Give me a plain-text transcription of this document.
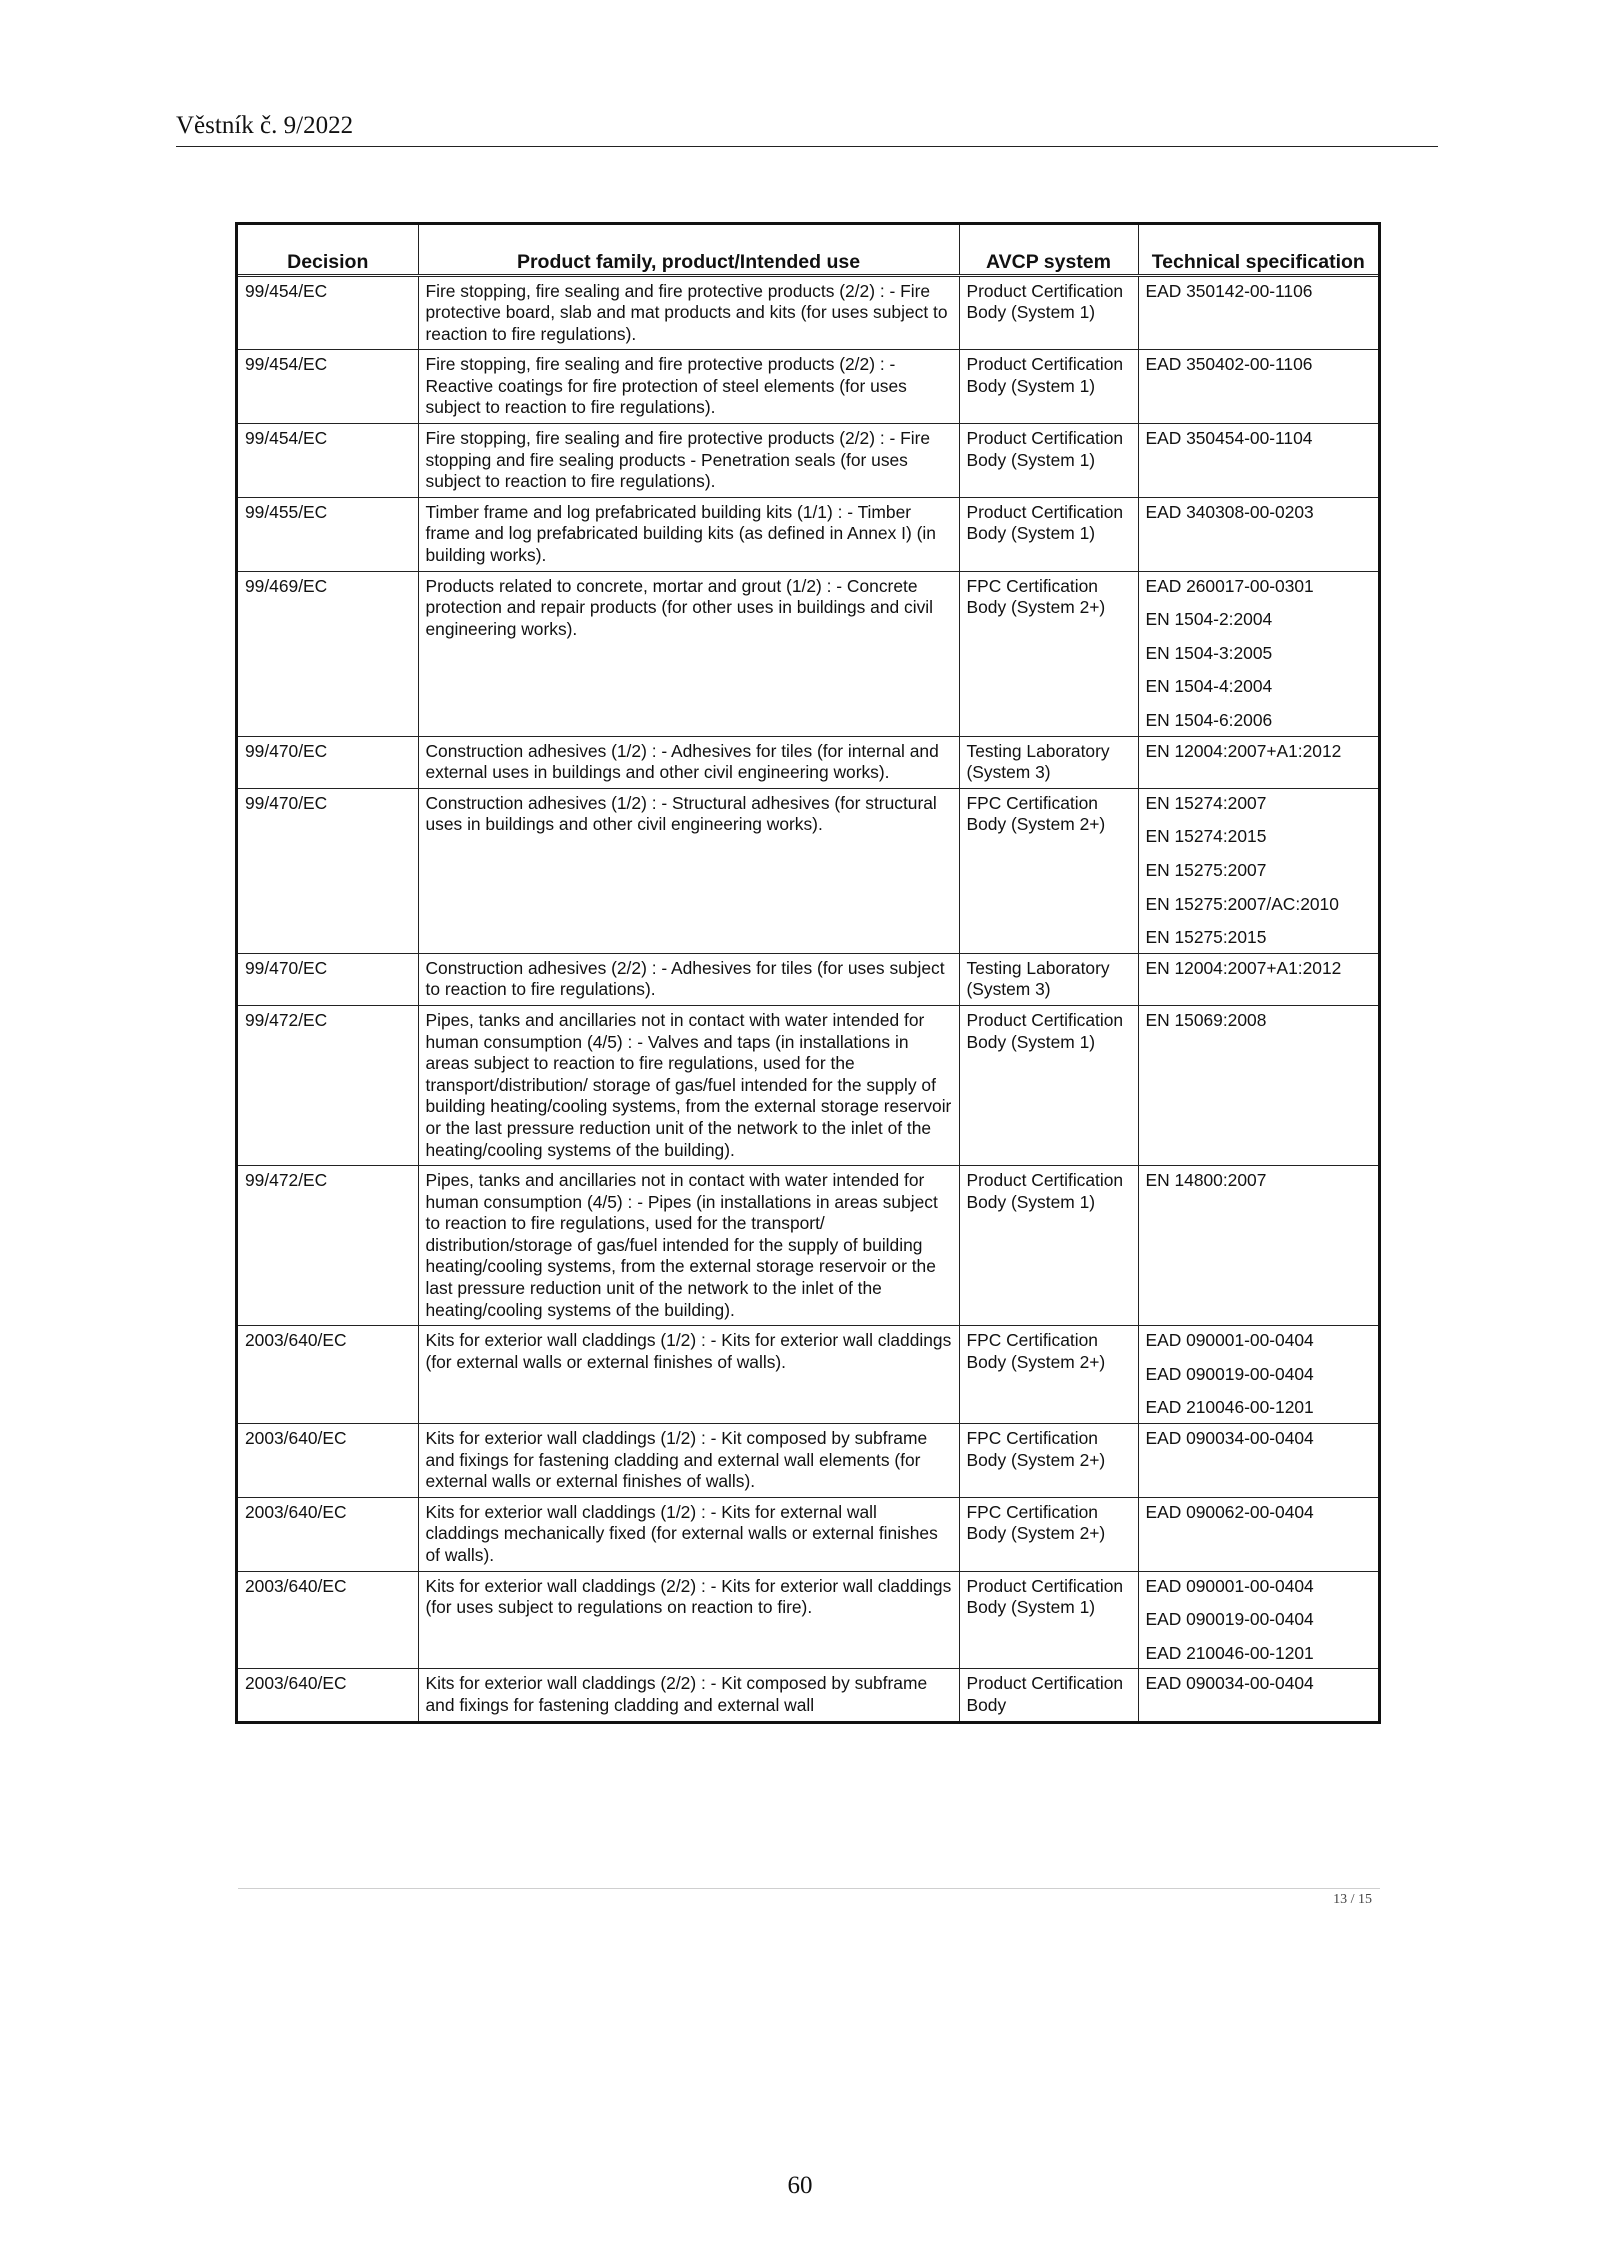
Věstník č. 9/2022
Decision	Product family, product/Intended use	AVCP system	Technical specification
99/454/EC	Fire stopping, fire sealing and fire protective products (2/2) : - Fire protective board, slab and mat products and kits (for uses subject to reaction to fire regulations).	Product Certification Body (System 1)	EAD 350142-00-1106

99/454/EC	Fire stopping, fire sealing and fire protective products (2/2) : - Reactive coatings for fire protection of steel elements (for uses subject to reaction to fire regulations).	Product Certification Body (System 1)	EAD 350402-00-1106

99/454/EC	Fire stopping, fire sealing and fire protective products (2/2) : - Fire stopping and fire sealing products - Penetration seals (for uses subject to reaction to fire regulations).	Product Certification Body (System 1)	EAD 350454-00-1104

99/455/EC	Timber frame and log prefabricated building kits (1/1) : - Timber frame and log prefabricated building kits (as defined in Annex I) (in building works).	Product Certification Body (System 1)	EAD 340308-00-0203

99/469/EC	Products related to concrete, mortar and grout (1/2) : - Concrete protection and repair products (for other uses in buildings and civil engineering works).	FPC Certification Body (System 2+)	EAD 260017-00-0301
EN 1504-2:2004
EN 1504-3:2005
EN 1504-4:2004
EN 1504-6:2006

99/470/EC	Construction adhesives (1/2) : - Adhesives for tiles (for internal and external uses in buildings and other civil engineering works).	Testing Laboratory (System 3)	EN 12004:2007+A1:2012

99/470/EC	Construction adhesives (1/2) : - Structural adhesives (for structural uses in buildings and other civil engineering works).	FPC Certification Body (System 2+)	EN 15274:2007
EN 15274:2015
EN 15275:2007
EN 15275:2007/AC:2010
EN 15275:2015

99/470/EC	Construction adhesives (2/2) : - Adhesives for tiles (for uses subject to reaction to fire regulations).	Testing Laboratory (System 3)	EN 12004:2007+A1:2012

99/472/EC	Pipes, tanks and ancillaries not in contact with water intended for human consumption (4/5) : - Valves and taps (in installations in areas subject to reaction to fire regulations, used for the transport/distribution/ storage of gas/fuel intended for the supply of building heating/cooling systems, from the external storage reservoir or the last pressure reduction unit of the network to the inlet of the heating/cooling systems of the building).	Product Certification Body (System 1)	EN 15069:2008

99/472/EC	Pipes, tanks and ancillaries not in contact with water intended for human consumption (4/5) : - Pipes (in installations in areas subject to reaction to fire regulations, used for the transport/ distribution/storage of gas/fuel intended for the supply of building heating/cooling systems, from the external storage reservoir or the last pressure reduction unit of the network to the inlet of the heating/cooling systems of the building).	Product Certification Body (System 1)	EN 14800:2007

2003/640/EC	Kits for exterior wall claddings (1/2) : - Kits for exterior wall claddings (for external walls or external finishes of walls).	FPC Certification Body (System 2+)	EAD 090001-00-0404
EAD 090019-00-0404
EAD 210046-00-1201

2003/640/EC	Kits for exterior wall claddings (1/2) : - Kit composed by subframe and fixings for fastening cladding and external wall elements (for external walls or external finishes of walls).	FPC Certification Body (System 2+)	EAD 090034-00-0404

2003/640/EC	Kits for exterior wall claddings (1/2) : - Kits for external wall claddings mechanically fixed (for external walls or external finishes of walls).	FPC Certification Body (System 2+)	EAD 090062-00-0404

2003/640/EC	Kits for exterior wall claddings (2/2) : - Kits for exterior wall claddings (for uses subject to regulations on reaction to fire).	Product Certification Body (System 1)	EAD 090001-00-0404
EAD 090019-00-0404
EAD 210046-00-1201

2003/640/EC	Kits for exterior wall claddings (2/2) : - Kit composed by subframe and fixings for fastening cladding and external wall	Product Certification Body	EAD 090034-00-0404
13 / 15
60
